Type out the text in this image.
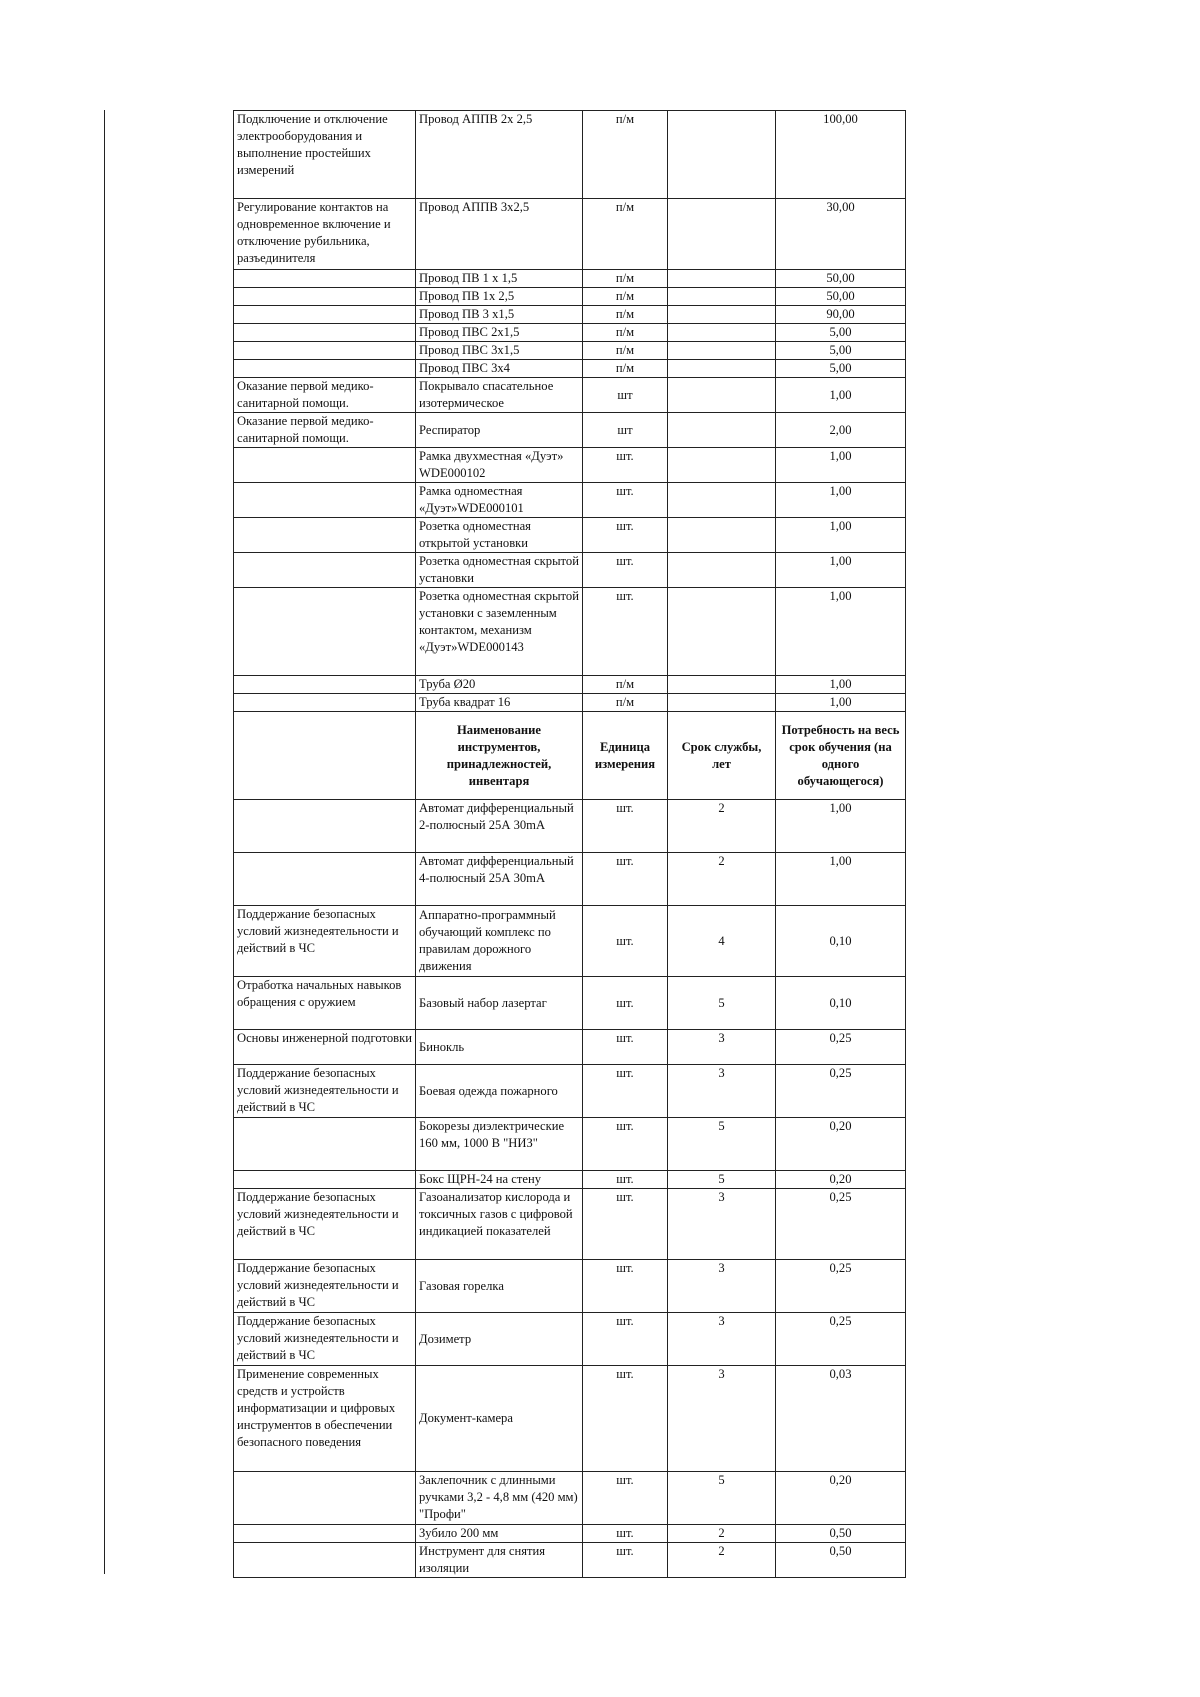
Подключение и отключение электрооборудования и выполнение простейших измерений	Провод АППВ 2х 2,5	п/м		100,00
Регулирование контактов на одновременное включение и отключение рубильника, разъединителя	Провод АППВ 3х2,5	п/м		30,00
	Провод ПВ 1 х 1,5	п/м		50,00
	Провод ПВ 1х 2,5	п/м		50,00
	Провод ПВ 3 х1,5	п/м		90,00
	Провод ПВС 2х1,5	п/м		5,00
	Провод ПВС 3х1,5	п/м		5,00
	Провод ПВС 3х4	п/м		5,00
Оказание первой медико-санитарной помощи.	Покрывало спасательное изотермическое	шт		1,00
Оказание первой медико-санитарной помощи.	Респиратор	шт		2,00
	Рамка двухместная «Дуэт» WDE000102	шт.		1,00
	Рамка одноместная «Дуэт»WDE000101	шт.		1,00
	Розетка одноместная открытой установки	шт.		1,00
	Розетка одноместная скрытой установки	шт.		1,00
	Розетка одноместная скрытой установки с заземленным контактом, механизм «Дуэт»WDE000143	шт.		1,00
	Труба Ø20	п/м		1,00
	Труба квадрат 16	п/м		1,00
	Наименование инструментов, принадлежностей, инвентаря	Единица измерения	Срок службы, лет	Потребность на весь срок обучения (на одного обучающегося)
	Автомат дифференциальный 2-полюсный 25А 30mA	шт.	2	1,00
	Автомат дифференциальный 4-полюсный 25А 30mA	шт.	2	1,00
Поддержание безопасных условий жизнедеятельности и действий в ЧС	Аппаратно-программный обучающий комплекс по правилам дорожного движения	шт.	4	0,10
Отработка начальных навыков обращения с оружием	Базовый набор лазертаг	шт.	5	0,10
Основы инженерной подготовки	Бинокль	шт.	3	0,25
Поддержание безопасных условий жизнедеятельности и действий в ЧС	Боевая одежда пожарного	шт.	3	0,25
	Бокорезы диэлектрические 160 мм, 1000 В "НИЗ"	шт.	5	0,20
	Бокс ЩРН-24 на стену	шт.	5	0,20
Поддержание безопасных условий жизнедеятельности и действий в ЧС	Газоанализатор кислорода и токсичных газов с цифровой индикацией показателей	шт.	3	0,25
Поддержание безопасных условий жизнедеятельности и действий в ЧС	Газовая горелка	шт.	3	0,25
Поддержание безопасных условий жизнедеятельности и действий в ЧС	Дозиметр	шт.	3	0,25
Применение современных средств и устройств информатизации и цифровых инструментов в обеспечении безопасного поведения	Документ-камера	шт.	3	0,03
	Заклепочник с длинными ручками 3,2 - 4,8 мм (420 мм) "Профи"	шт.	5	0,20
	Зубило 200 мм	шт.	2	0,50
	Инструмент для снятия изоляции	шт.	2	0,50
